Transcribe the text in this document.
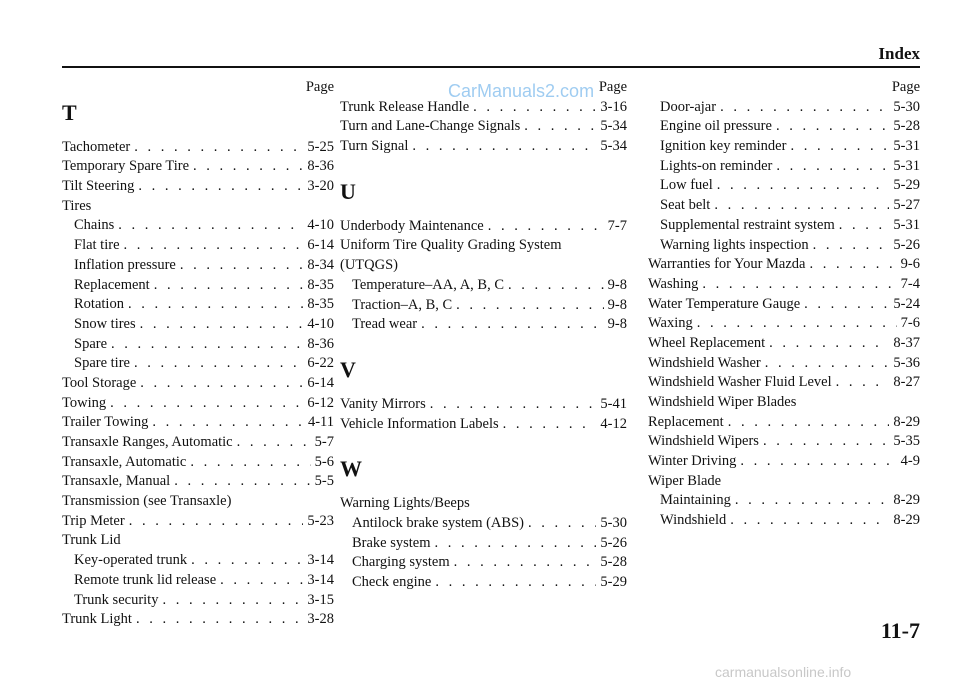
Index
Page
T
Tachometer . . .	5-25
Temporary Spare Tire . . .	8-36
Tilt Steering . . .	3-20
Tires
Chains . . .	4-10
Flat tire . . .	6-14
Inflation pressure . . .	8-34
Replacement . . .	8-35
Rotation . . .	8-35
Snow tires . . .	4-10
Spare . . .	8-36
Spare tire . . .	6-22
Tool Storage . . .	6-14
Towing . . .	6-12
Trailer Towing . . .	4-11
Transaxle Ranges, Automatic . . .	5-7
Transaxle, Automatic . . .	5-6
Transaxle, Manual . . .	5-5
Transmission (see Transaxle)
Trip Meter . . .	5-23
Trunk Lid
Key-operated trunk . . .	3-14
Remote trunk lid release . . .	3-14
Trunk security . . .	3-15
Trunk Light . . .	3-28
Page
Trunk Release Handle . . .	3-16
Turn and Lane-Change Signals . . .	5-34
Turn Signal . . .	5-34
U
Underbody Maintenance . . .	7-7
Uniform Tire Quality Grading System
(UTQGS)
Temperature–AA, A, B, C . . .	9-8
Traction–A, B, C . . .	9-8
Tread wear . . .	9-8
V
Vanity Mirrors . . .	5-41
Vehicle Information Labels . . .	4-12
W
Warning Lights/Beeps
Antilock brake system (ABS) . . .	5-30
Brake system . . .	5-26
Charging system . . .	5-28
Check engine . . .	5-29
Page
Door-ajar . . .	5-30
Engine oil pressure . . .	5-28
Ignition key reminder . . .	5-31
Lights-on reminder . . .	5-31
Low fuel . . .	5-29
Seat belt . . .	5-27
Supplemental restraint system . . .	5-31
Warning lights inspection . . .	5-26
Warranties for Your Mazda . . .	9-6
Washing . . .	7-4
Water Temperature Gauge . . .	5-24
Waxing . . .	7-6
Wheel Replacement . . .	8-37
Windshield Washer . . .	5-36
Windshield Washer Fluid Level . . .	8-27
Windshield Wiper Blades
Replacement . . .	8-29
Windshield Wipers . . .	5-35
Winter Driving . . .	4-9
Wiper Blade
Maintaining . . .	8-29
Windshield . . .	8-29
CarManuals2.com
carmanualsonline.info
11-7
